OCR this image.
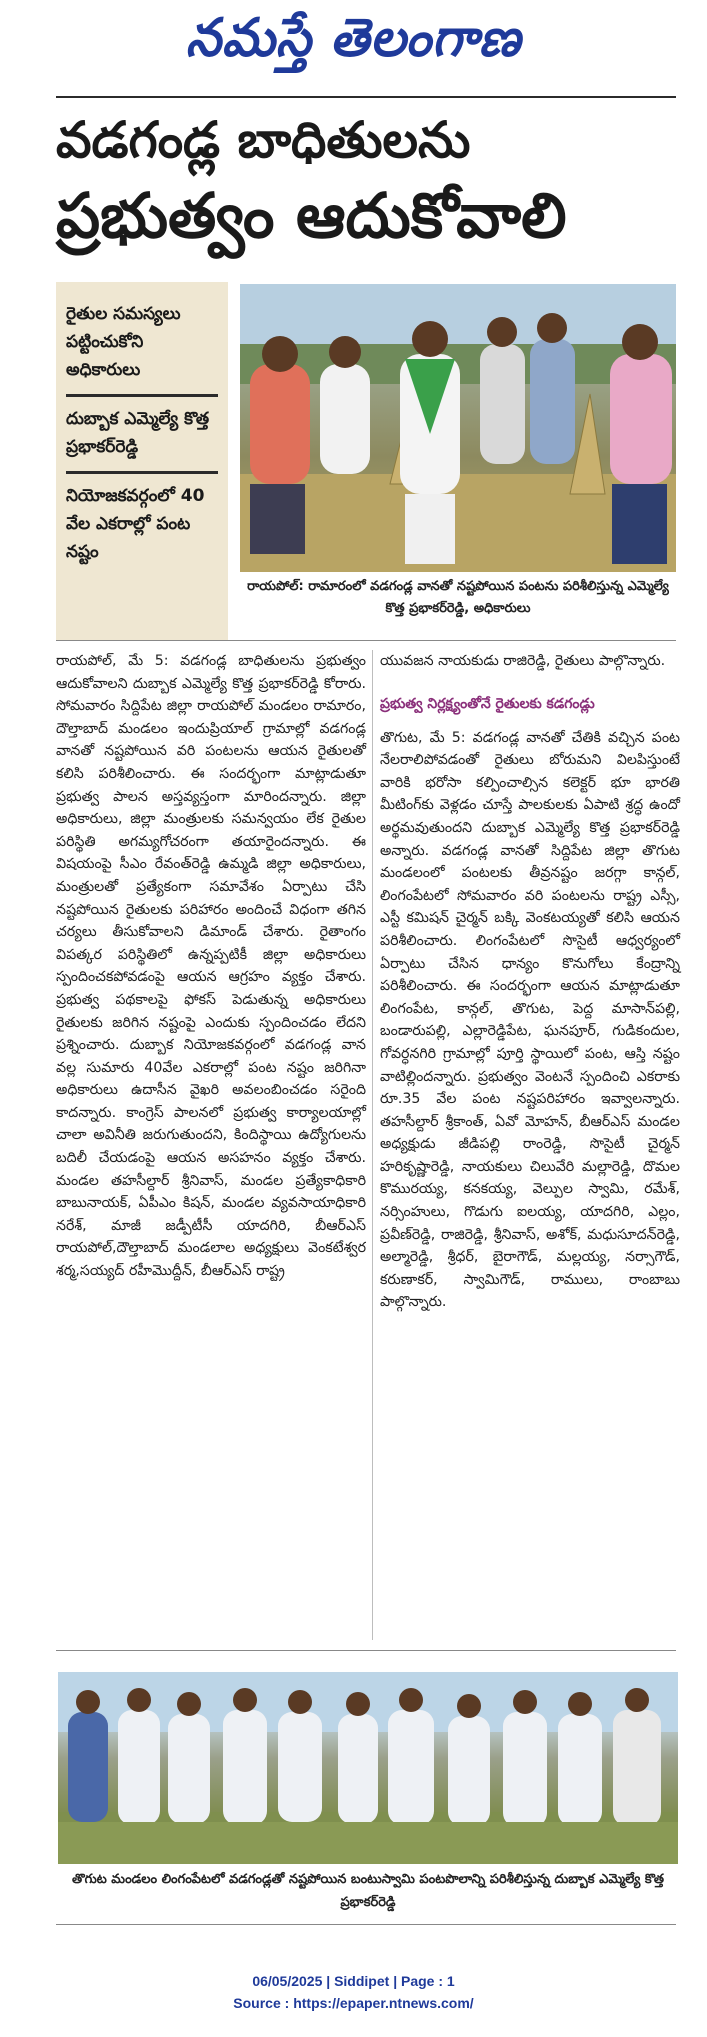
నమస్తే తెలంగాణ
వడగండ్ల బాధితులను
ప్రభుత్వం ఆదుకోవాలి
రైతుల సమస్యలు పట్టించుకోని అధికారులు
దుబ్బాక ఎమ్మెల్యే కొత్త ప్రభాకర్‌రెడ్డి
నియోజకవర్గంలో 40 వేల ఎకరాల్లో పంట నష్టం

రాయపోల్: రామారంలో వడగండ్ల వానతో నష్టపోయిన పంటను పరిశీలిస్తున్న ఎమ్మెల్యే కొత్త ప్రభాకర్‌రెడ్డి, అధికారులు

రాయపోల్, మే 5: వడగండ్ల బాధితులను ప్రభుత్వం ఆదుకోవాలని దుబ్బాక ఎమ్మెల్యే కొత్త ప్రభాకర్‌రెడ్డి కోరారు. సోమవారం సిద్దిపేట జిల్లా రాయపోల్ మండలం రామారం, దౌల్తాబాద్ మండలం ఇందుప్రియాల్ గ్రామాల్లో వడగండ్ల వానతో నష్టపోయిన వరి పంటలను ఆయన రైతులతో కలిసి పరిశీలించారు. ఈ సందర్భంగా మాట్లాడుతూ ప్రభుత్వ పాలన అస్తవ్యస్తంగా మారిందన్నారు. జిల్లా అధికారులు, జిల్లా మంత్రులకు సమన్వయం లేక రైతుల పరిస్థితి అగమ్యగోచరంగా తయారైందన్నారు. ఈ విషయంపై సీఎం రేవంత్‌రెడ్డి ఉమ్మడి జిల్లా అధికారులు, మంత్రులతో ప్రత్యేకంగా సమావేశం ఏర్పాటు చేసి నష్టపోయిన రైతులకు పరిహారం అందించే విధంగా తగిన చర్యలు తీసుకోవాలని డిమాండ్ చేశారు. రైతాంగం విపత్కర పరిస్థితిలో ఉన్నప్పటికీ జిల్లా అధికారులు స్పందించకపోవడంపై ఆయన ఆగ్రహం వ్యక్తం చేశారు. ప్రభుత్వ పథకాలపై ఫోకస్ పెడుతున్న అధికారులు రైతులకు జరిగిన నష్టంపై ఎందుకు స్పందించడం లేదని ప్రశ్నించారు. దుబ్బాక నియోజకవర్గంలో వడగండ్ల వాన వల్ల సుమారు 40వేల ఎకరాల్లో పంట నష్టం జరిగినా అధికారులు ఉదాసీన వైఖరి అవలంబించడం సరైంది కాదన్నారు. కాంగ్రెస్ పాలనలో ప్రభుత్వ కార్యాలయాల్లో చాలా అవినీతి జరుగుతుందని, కిందిస్థాయి ఉద్యోగులను బదిలీ చేయడంపై ఆయన అసహనం వ్యక్తం చేశారు. మండల తహసీల్దార్ శ్రీనివాస్, మండల ప్రత్యేకాధికారి బాబునాయక్, ఏపీఎం కిషన్, మండల వ్యవసాయాధికారి నరేశ్, మాజీ జడ్పీటీసీ యాదగిరి, బీఆర్‌ఎస్ రాయపోల్,దౌల్తాబాద్ మండలాల అధ్యక్షులు వెంకటేశ్వర శర్మ,సయ్యద్ రహీమొద్దీన్, బీఆర్‌ఎస్ రాష్ట్ర

యువజన నాయకుడు రాజిరెడ్డి, రైతులు పాల్గొన్నారు.

ప్రభుత్వ నిర్లక్ష్యంతోనే రైతులకు కడగండ్లు

తొగుట, మే 5: వడగండ్ల వానతో చేతికి వచ్చిన పంట నేలరాలిపోవడంతో రైతులు బోరుమని విలపిస్తుంటే వారికి భరోసా కల్పించాల్సిన కలెక్టర్ భూ భారతి మీటింగ్‌కు వెళ్లడం చూస్తే పాలకులకు ఏపాటి శ్రద్ధ ఉందో అర్థమవుతుందని దుబ్బాక ఎమ్మెల్యే కొత్త ప్రభాకర్‌రెడ్డి అన్నారు. వడగండ్ల వానతో సిద్దిపేట జిల్లా తొగుట మండలంలో పంటలకు తీవ్రనష్టం జరగ్గా కాన్గల్, లింగంపేటలో సోమవారం వరి పంటలను రాష్ట్ర ఎస్సీ, ఎస్టీ కమిషన్ చైర్మన్ బక్కి వెంకటయ్యతో కలిసి ఆయన పరిశీలించారు. లింగంపేటలో సొసైటీ ఆధ్వర్యంలో ఏర్పాటు చేసిన ధాన్యం కొనుగోలు కేంద్రాన్ని పరిశీలించారు. ఈ సందర్భంగా ఆయన మాట్లాడుతూ లింగంపేట, కాన్గల్, తొగుట, పెద్ద మాసాన్‌పల్లి, బండారుపల్లి, ఎల్లారెడ్డిపేట, ఘనపూర్, గుడికందుల, గోవర్ధనగిరి గ్రామాల్లో పూర్తి స్థాయిలో పంట, ఆస్తి నష్టం వాటిల్లిందన్నారు. ప్రభుత్వం వెంటనే స్పందించి ఎకరాకు రూ.35 వేల పంట నష్టపరిహారం ఇవ్వాలన్నారు. తహసీల్దార్ శ్రీకాంత్, ఏవో మోహన్, బీఆర్‌ఎస్ మండల అధ్యక్షుడు జీడిపల్లి రాంరెడ్డి, సొసైటీ చైర్మన్ హరికృష్ణారెడ్డి, నాయకులు చిలువేరి మల్లారెడ్డి, దొమల కొమురయ్య, కనకయ్య, వెల్పుల స్వామి, రమేశ్, నర్సింహులు, గొడుగు ఐలయ్య, యాదగిరి, ఎల్లం, ప్రవీణ్‌రెడ్డి, రాజిరెడ్డి, శ్రీనివాస్, అశోక్, మధుసూదన్‌రెడ్డి, అల్మారెడ్డి, శ్రీధర్, బైరాగౌడ్, మల్లయ్య, నర్సాగౌడ్, కరుణాకర్, స్వామిగౌడ్, రాములు, రాంబాబు పాల్గొన్నారు.

తొగుట మండలం లింగంపేటలో వడగండ్లతో నష్టపోయిన బంటుస్వామి పంటపొలాన్ని పరిశీలిస్తున్న దుబ్బాక ఎమ్మెల్యే కొత్త ప్రభాకర్‌రెడ్డి

06/05/2025 | Siddipet | Page : 1
Source : https://epaper.ntnews.com/
